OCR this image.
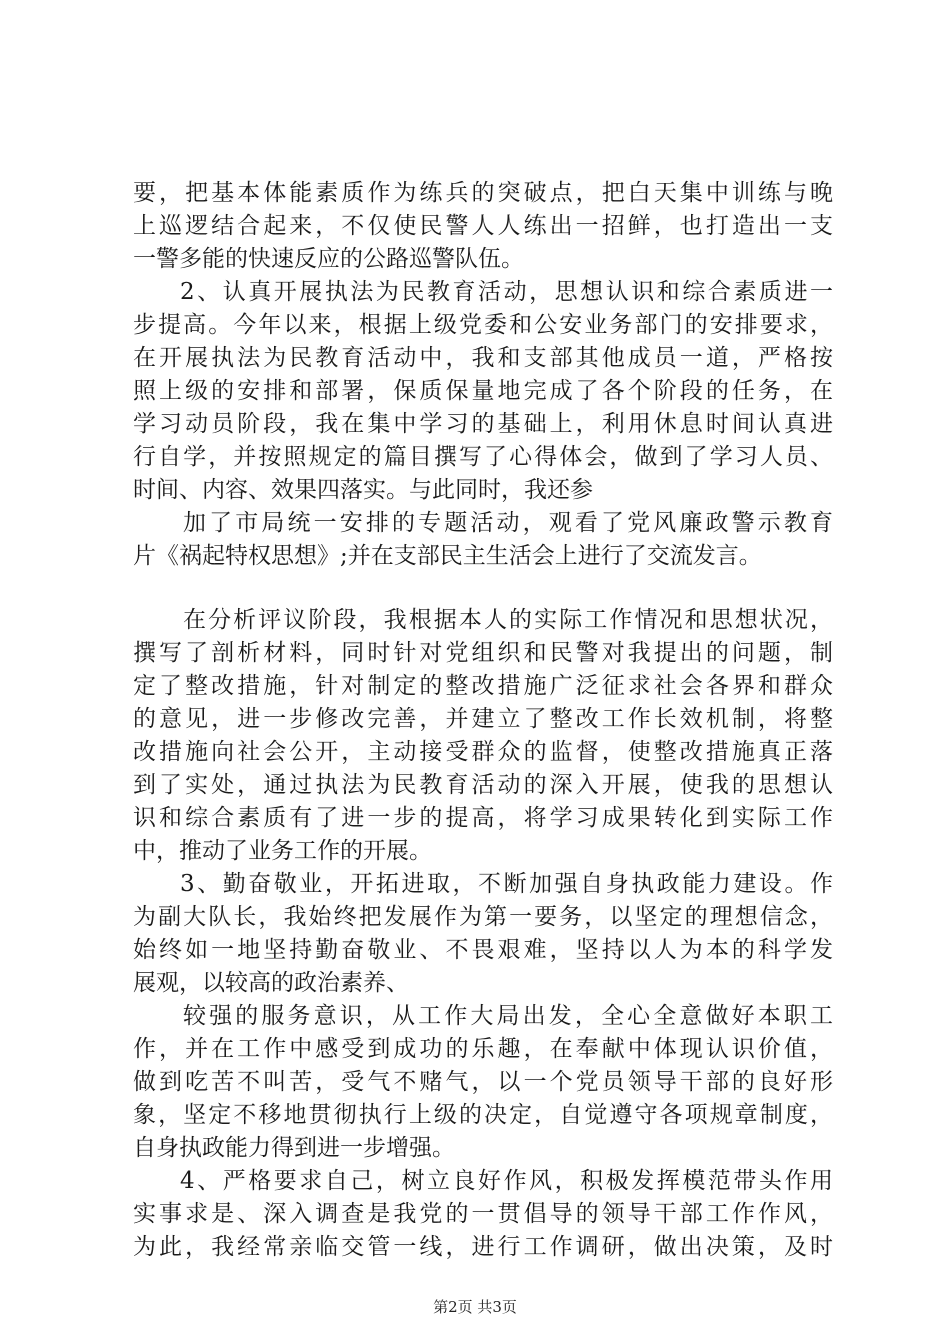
要，把基本体能素质作为练兵的突破点，把白天集中训练与晚
上巡逻结合起来，不仅使民警人人练出一招鲜，也打造出一支
一警多能的快速反应的公路巡警队伍。
2、认真开展执法为民教育活动，思想认识和综合素质进一
步提高。今年以来，根据上级党委和公安业务部门的安排要求，
在开展执法为民教育活动中，我和支部其他成员一道，严格按
照上级的安排和部署，保质保量地完成了各个阶段的任务，在
学习动员阶段，我在集中学习的基础上，利用休息时间认真进
行自学，并按照规定的篇目撰写了心得体会，做到了学习人员、
时间、内容、效果四落实。与此同时，我还参
加了市局统一安排的专题活动，观看了党风廉政警示教育
片《祸起特权思想》;并在支部民主生活会上进行了交流发言。
在分析评议阶段，我根据本人的实际工作情况和思想状况，
撰写了剖析材料，同时针对党组织和民警对我提出的问题，制
定了整改措施，针对制定的整改措施广泛征求社会各界和群众
的意见，进一步修改完善，并建立了整改工作长效机制，将整
改措施向社会公开，主动接受群众的监督，使整改措施真正落
到了实处，通过执法为民教育活动的深入开展，使我的思想认
识和综合素质有了进一步的提高，将学习成果转化到实际工作
中，推动了业务工作的开展。
3、勤奋敬业，开拓进取，不断加强自身执政能力建设。作
为副大队长，我始终把发展作为第一要务，以坚定的理想信念，
始终如一地坚持勤奋敬业、不畏艰难，坚持以人为本的科学发
展观，以较高的政治素养、
较强的服务意识，从工作大局出发，全心全意做好本职工
作，并在工作中感受到成功的乐趣，在奉献中体现认识价值，
做到吃苦不叫苦，受气不赌气，以一个党员领导干部的良好形
象，坚定不移地贯彻执行上级的决定，自觉遵守各项规章制度，
自身执政能力得到进一步增强。
4、严格要求自己，树立良好作风，积极发挥模范带头作用
实事求是、深入调查是我党的一贯倡导的领导干部工作作风，
为此，我经常亲临交管一线，进行工作调研，做出决策，及时
第2页 共3页
